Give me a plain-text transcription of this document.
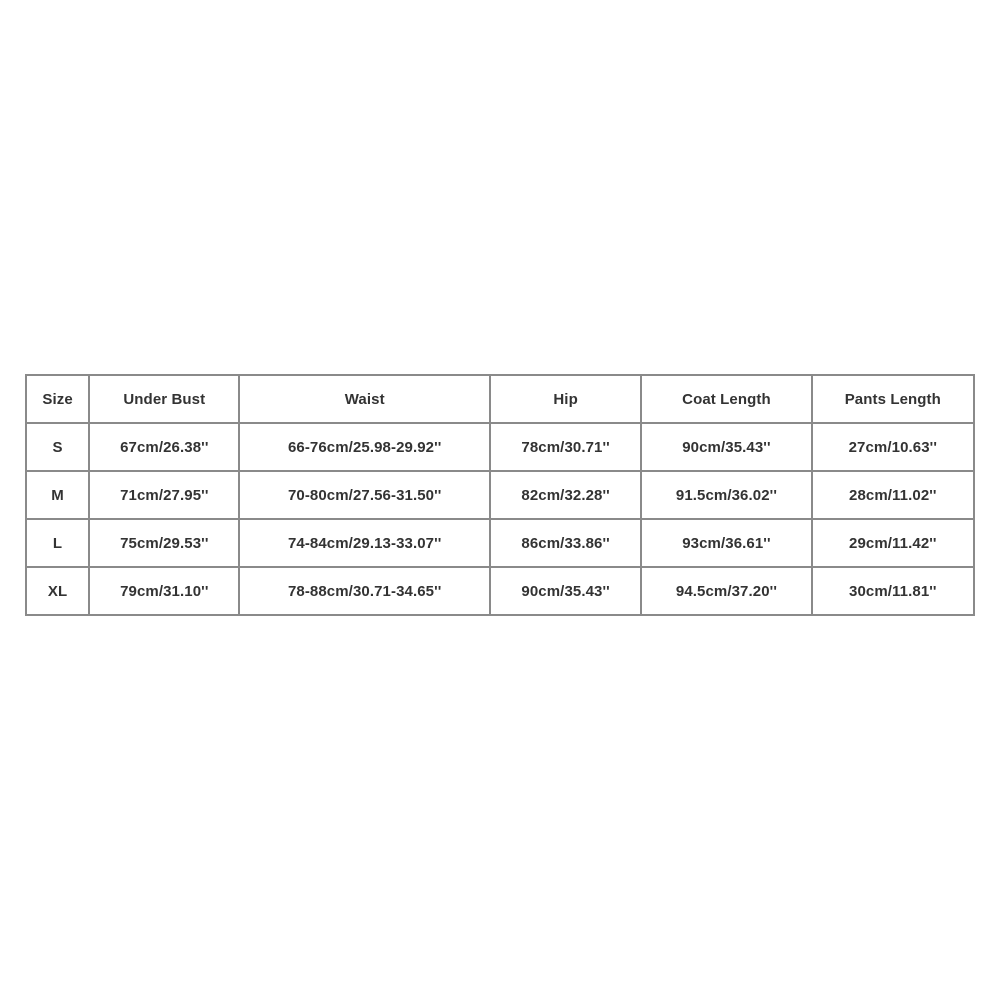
Size	Under Bust	Waist	Hip	Coat Length	Pants Length
S	67cm/26.38''	66-76cm/25.98-29.92''	78cm/30.71''	90cm/35.43''	27cm/10.63''
M	71cm/27.95''	70-80cm/27.56-31.50''	82cm/32.28''	91.5cm/36.02''	28cm/11.02''
L	75cm/29.53''	74-84cm/29.13-33.07''	86cm/33.86''	93cm/36.61''	29cm/11.42''
XL	79cm/31.10''	78-88cm/30.71-34.65''	90cm/35.43''	94.5cm/37.20''	30cm/11.81''
